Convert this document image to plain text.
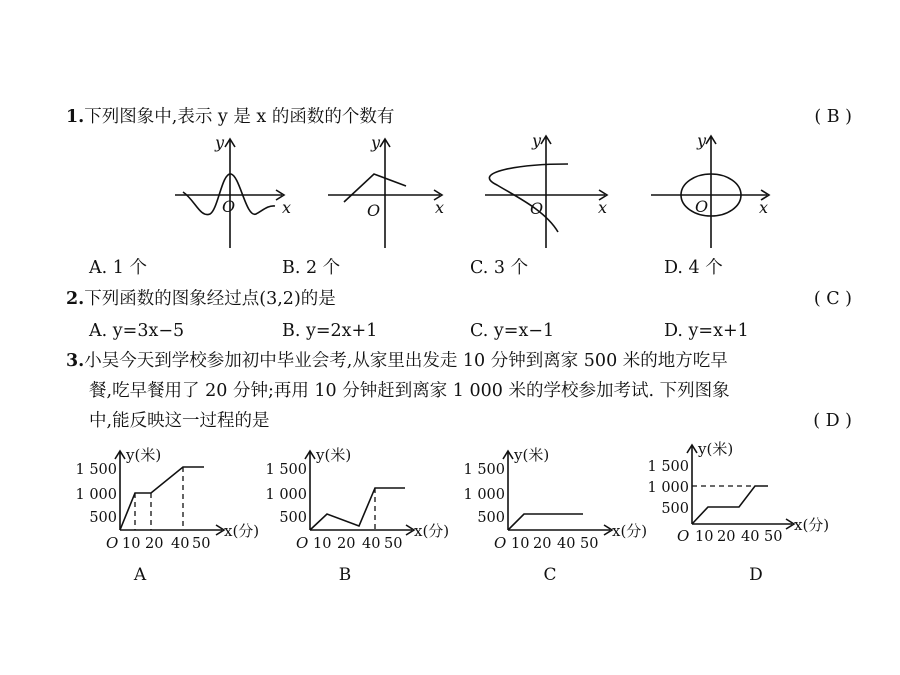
1.下列图象中,表示 y 是 x 的函数的个数有	( B )
O	x
y
O	x
y
O	x
y
O	x
y
A. 1 个	B. 2 个	C. 3 个	D. 4 个
2.下列函数的图象经过点(3,2)的是	( C )
A. y=3x−5	B. y=2x+1	C. y=x−1	D. y=x+1
3.小吴今天到学校参加初中毕业会考,从家里出发走 10 分钟到离家 500 米的地方吃早
餐,吃早餐用了 20 分钟;再用 10 分钟赶到离家 1 000 米的学校参加考试. 下列图象
中,能反映这一过程的是	( D )
y(米)
x(分)
1 500
1 000
500
O 10 20 40 50
y(米)
x(分)
1 500
1 000
500
O 10 20 40 50
y(米)
x(分)
1 500
1 000
500
O 10 20 40 50
y(米)
x(分)
1 500
1 000
500
O 10 20 40 50
A	B	C	D
